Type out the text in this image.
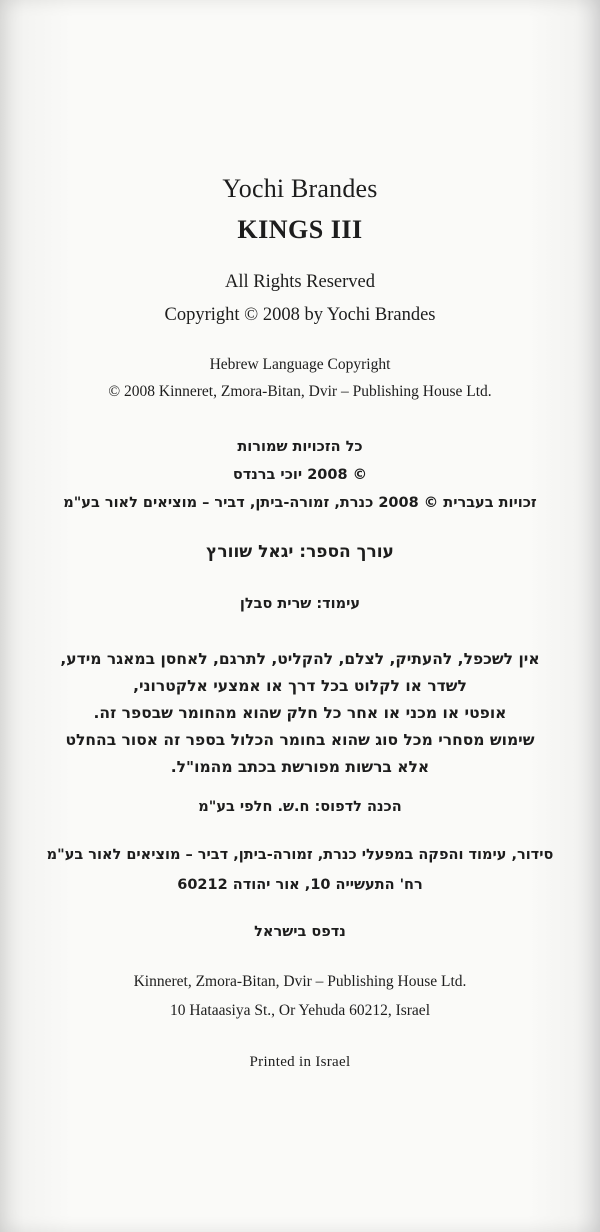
Yochi Brandes
KINGS III
All Rights Reserved
Copyright © 2008 by Yochi Brandes
Hebrew Language Copyright
© 2008 Kinneret, Zmora-Bitan, Dvir – Publishing House Ltd.
כל הזכויות שמורות
© 2008 יוכי ברנדס
זכויות בעברית © 2008 כנרת, זמורה-ביתן, דביר – מוציאים לאור בע"מ
עורך הספר: יגאל שוורץ
עימוד: שרית סבלן
אין לשכפל, להעתיק, לצלם, להקליט, לתרגם, לאחסן במאגר מידע,
לשדר או לקלוט בכל דרך או אמצעי אלקטרוני,
אופטי או מכני או אחר כל חלק שהוא מהחומר שבספר זה.
שימוש מסחרי מכל סוג שהוא בחומר הכלול בספר זה אסור בהחלט
אלא ברשות מפורשת בכתב מהמו"ל.
הכנה לדפוס: ח.ש. חלפי בע"מ
סידור, עימוד והפקה במפעלי כנרת, זמורה-ביתן, דביר – מוציאים לאור בע"מ
רח' התעשייה 10, אור יהודה 60212
נדפס בישראל
Kinneret, Zmora-Bitan, Dvir – Publishing House Ltd.
10 Hataasiya St., Or Yehuda 60212, Israel
Printed in Israel
